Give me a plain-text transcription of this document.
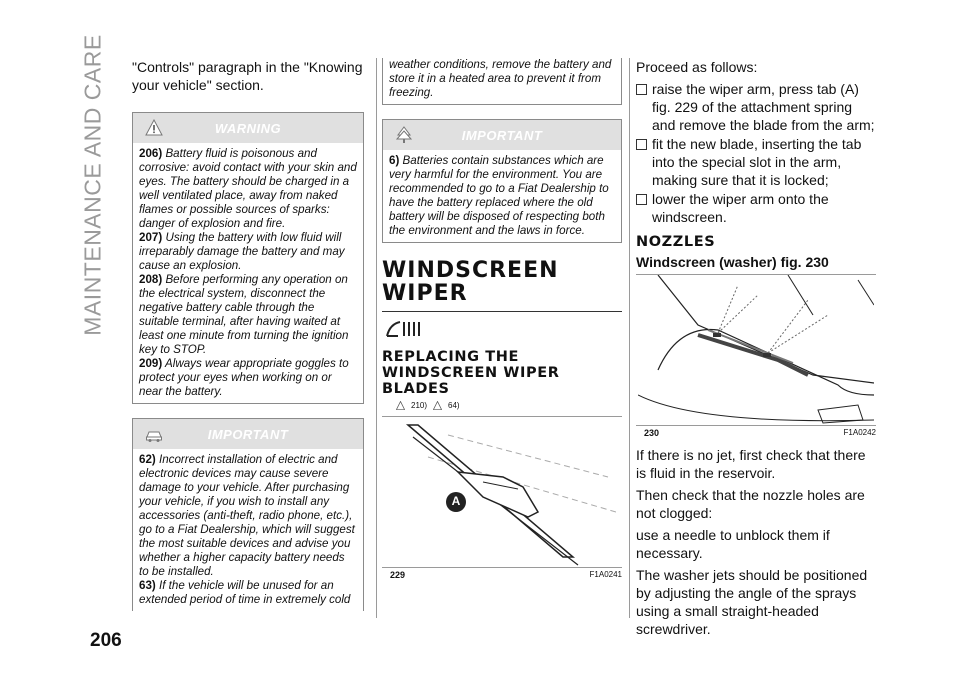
MAINTENANCE AND CARE
206

"Controls" paragraph in the "Knowing your vehicle" section.

WARNING

206) Battery fluid is poisonous and corrosive: avoid contact with your skin and eyes. The battery should be charged in a well ventilated place, away from naked flames or possible sources of sparks: danger of explosion and fire.

207) Using the battery with low fluid will irreparably damage the battery and may cause an explosion.

208) Before performing any operation on the electrical system, disconnect the negative battery cable through the suitable terminal, after having waited at least one minute from turning the ignition key to STOP.

209) Always wear appropriate goggles to protect your eyes when working on or near the battery.

IMPORTANT

62) Incorrect installation of electric and electronic devices may cause severe damage to your vehicle. After purchasing your vehicle, if you wish to install any accessories (anti-theft, radio phone, etc.), go to a Fiat Dealership, which will suggest the most suitable devices and advise you whether a higher capacity battery needs to be installed.

63) If the vehicle will be unused for an extended period of time in extremely cold

weather conditions, remove the battery and store it in a heated area to prevent it from freezing.

IMPORTANT

6) Batteries contain substances which are very harmful for the environment. You are recommended to go to a Fiat Dealership to have the battery replaced where the old battery will be disposed of respecting both the environment and the laws in force.

WINDSCREEN WIPER
REPLACING THE WINDSCREEN WIPER BLADES
210)	64)
A
229	F1A0241

Proceed as follows:

raise the wiper arm, press tab (A) fig. 229 of the attachment spring and remove the blade from the arm;
fit the new blade, inserting the tab into the special slot in the arm, making sure that it is locked;
lower the wiper arm onto the windscreen.
NOZZLES
Windscreen (washer) fig. 230
230	F1A0242

If there is no jet, first check that there is fluid in the reservoir.

Then check that the nozzle holes are not clogged:

use a needle to unblock them if necessary.

The washer jets should be positioned by adjusting the angle of the sprays using a small straight-headed screwdriver.
